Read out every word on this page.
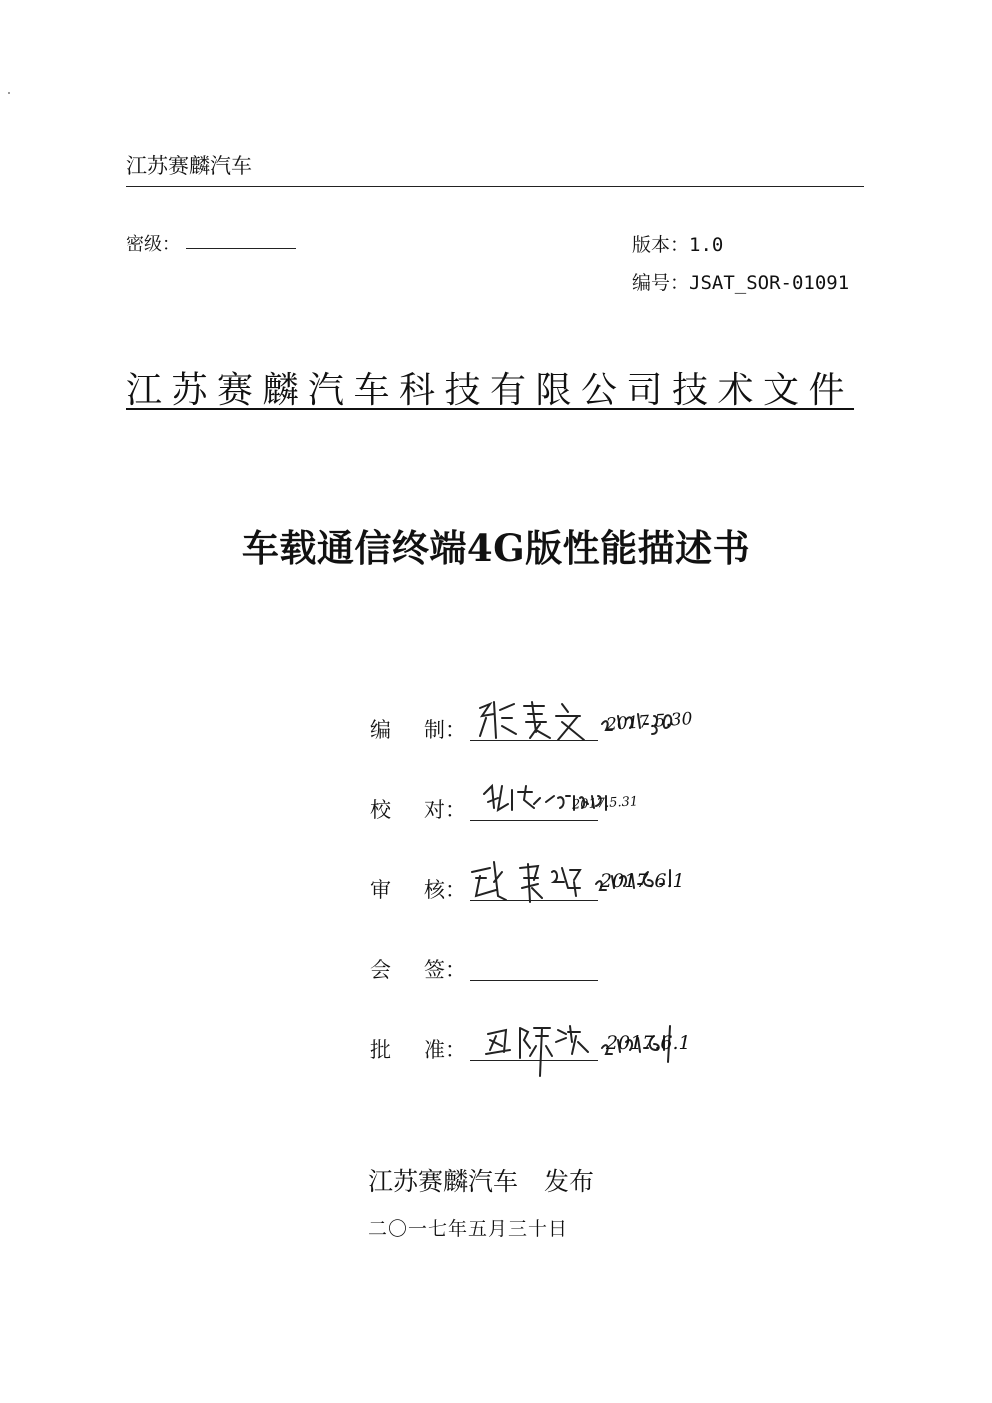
江苏赛麟汽车
密级：	版本：1.0
编号：JSAT_SOR-01091
江苏赛麟汽车科技有限公司技术文件
车载通信终端4G版性能描述书
编 制：
校 对：
审 核：
会 签：
批 准：
江苏赛麟汽车 发布
二〇一七年五月三十日
2017.5.30
2017.5.31
2017.6.1
2017.6.1
